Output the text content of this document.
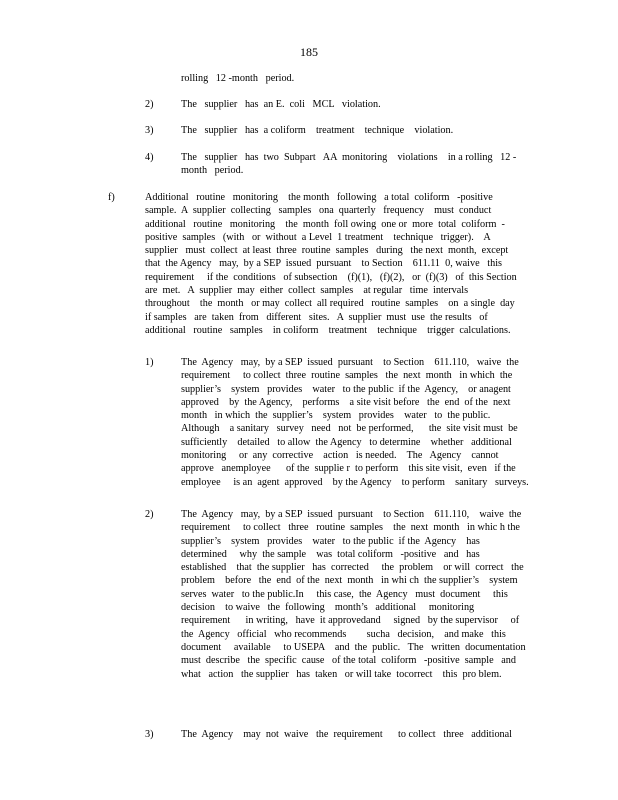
185
rolling   12 -month   period.
2)	The   supplier   has  an E.  coli   MCL   violation.
3)	The   supplier   has  a coliform    treatment    technique    violation.
4)	The   supplier   has  two  Subpart   AA  monitoring    violations    in a rolling   12 -
month   period.
f)	Additional   routine   monitoring    the month   following   a total  coliform   -positive
sample.  A  supplier  collecting   samples   ona  quarterly   frequency    must  conduct
additional   routine   monitoring    the  month  foll owing  one or  more  total  coliform  -
positive  samples   (with   or  without  a Level  1 treatment    technique   trigger).    A
supplier   must  collect  at least  three  routine  samples   during   the next  month,  except
that  the Agency   may,  by a SEP  issued  pursuant    to Section    611.11  0, waive   this
requirement     if the  conditions   of subsection    (f)(1),   (f)(2),   or  (f)(3)   of  this Section
are  met.   A  supplier  may  either  collect  samples    at regular   time  intervals
throughout    the  month   or may  collect  all required   routine  samples    on  a single  day
if samples   are  taken  from   different   sites.   A  supplier  must  use  the results   of
additional   routine   samples    in coliform    treatment    technique    trigger  calculations.
1)	The  Agency   may,  by a SEP  issued  pursuant    to Section    611.110,   waive  the
requirement     to collect  three  routine  samples   the  next  month   in which  the
supplier’s    system   provides    water   to the public  if the  Agency,    or anagent
approved    by  the Agency,    performs    a site visit before   the  end  of the  next
month   in which  the  supplier’s    system   provides    water   to  the public.
Although    a sanitary   survey   need   not  be performed,      the  site visit must  be
sufficiently    detailed   to allow  the Agency   to determine    whether   additional
monitoring     or  any  corrective    action   is needed.    The   Agency    cannot
approve   anemployee      of the  supplie r  to perform    this site visit,  even   if the
employee     is an  agent  approved    by the Agency    to perform    sanitary   surveys.
2)	The  Agency   may,  by a SEP  issued  pursuant    to Section    611.110,    waive  the
requirement     to collect   three   routine  samples    the  next  month   in whic h the
supplier’s    system   provides    water   to the public  if the  Agency    has
determined     why  the sample    was  total coliform   -positive   and   has
established    that  the supplier   has  corrected     the  problem    or will  correct   the
problem    before   the  end  of the  next  month   in whi ch  the supplier’s    system
serves  water   to the public.In     this case,  the  Agency   must  document     this
decision    to waive   the  following    month’s   additional     monitoring
requirement      in writing,   have  it approvedand     signed   by the supervisor     of
the  Agency   official   who recommends        sucha   decision,    and make   this
document     available     to USEPA    and  the  public.   The   written  documentation
must  describe   the  specific  cause   of the total  coliform   -positive  sample   and
what   action   the supplier   has  taken   or will take  tocorrect    this  pro blem.
3)	The  Agency    may  not  waive   the  requirement      to collect   three   additional
